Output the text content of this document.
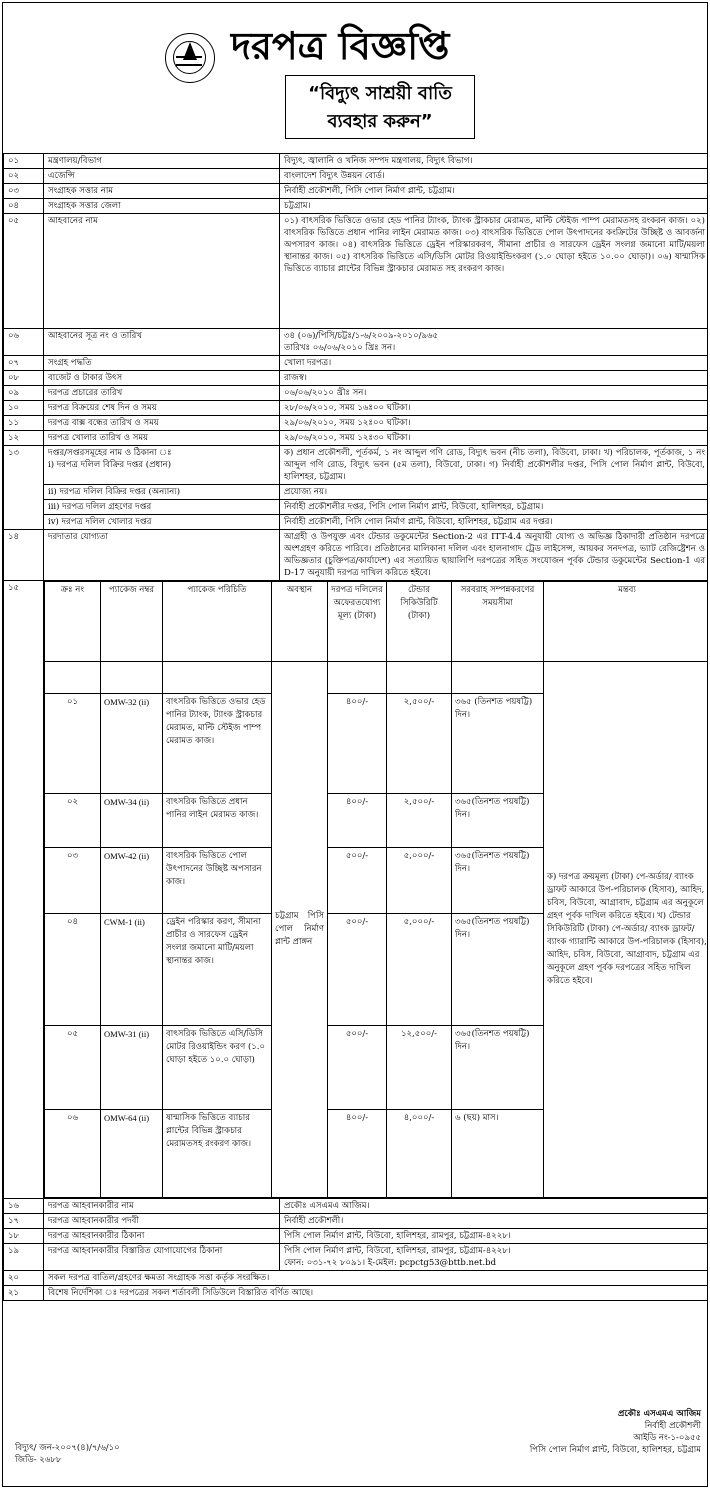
দরপত্র বিজ্ঞপ্তি
“বিদ্যুৎ সাশ্রয়ী বাতি
ব্যবহার করুন”
০১	মন্ত্রণালয়/বিভাগ	বিদ্যুৎ, জ্বালানি ও খনিজ সম্পদ মন্ত্রণালয়, বিদ্যুৎ বিভাগ।
০২	এজেন্সি	বাংলাদেশ বিদ্যুৎ উন্নয়ন বোর্ড।
০৩	সংগ্রাহক সত্তার নাম	নির্বাহী প্রকৌশলী, পিসি পোল নির্মাণ প্লান্ট, চট্টগ্রাম।
০৪	সংগ্রাহক সত্তার জেলা	চট্টগ্রাম।
০৫	আহবানের নাম	০১) বাৎসরিক ভিত্তিতে ওভার হেড পানির ট্যাংক, ট্যাংক স্ট্রাকচার মেরামত, মাল্টি স্টেইজ পাম্প মেরামতসহ রংকরন কাজ। ০২) বাৎসরিক ভিত্তিতে প্রধান পানির লাইন মেরামত কাজ। ০৩) বাৎসরিক ভিত্তিতে পোল উৎপাদনের কংক্রিটের উচ্ছিষ্ট ও আবর্জনা অপসারণ কাজ। ০৪) বাৎসরিক ভিত্তিতে ড্রেইন পরিস্কারকরণ, সীমানা প্রাচীর ও সারফেস ড্রেইন সংলগ্ন জমানো মাটি/ময়লা স্থানান্তর কাজ। ০৫) বাৎসরিক ভিত্তিতে এসি/ডিসি মোটর রিওয়াইন্ডিংকরণ (১.০ ঘোড়া হইতে ১০.০০ ঘোড়া)। ০৬) ষান্মাসিক ভিত্তিতে ব্যাচার প্লান্টের বিভিন্ন স্ট্রাকচার মেরামত সহ রংকরণ কাজ।
০৬	আহবানের সূত্র নং ও তারিখ	৩৪ (০৬)/পিসি/চট্টঃ/১-৬/২০০৯-২০১০/৯৬৫
তারিখঃ ০৬/০৬/২০১০ খ্রিঃ সন।

০৭	সংগ্রহ পদ্ধতি	খোলা দরপত্র।
০৮	বাজেট ও টাকার উৎস	রাজস্ব।
০৯	দরপত্র প্রচারের তারিখ	০৬/০৬/২০১০ খ্রীঃ সন।
১০	দরপত্র বিক্রয়ের শেষ দিন ও সময়	২৮/০৬/২০১০, সময় ১৬ঃ০০ ঘটিকা।
১১	দরপত্র বাক্স বন্ধের তারিখ ও সময়	২৯/০৬/২০১০, সময় ১২ঃ০০ ঘটিকা।
১২	দরপত্র খোলার তারিখ ও সময়	২৯/০৬/২০১০, সময় ১২ঃ৩০ ঘটিকা।
১৩	দপ্তর/সপ্তরসমূহের নাম ও ঠিকানা ঃ
i) দরপত্র দলিল বিক্রির দপ্তর (প্রধান)
	ক) প্রধান প্রকৌশলী, পূর্তকর্ম, ১ নং আব্দুল গণি রোড, বিদ্যুৎ ভবন (নীচ তলা), বিউবো, ঢাকা। খ) পরিচালক, পূর্তকাজ, ১ নং আব্দুল গণি রোড, বিদ্যুৎ ভবন (৫ম তলা), বিউবো, ঢাকা। গ) নির্বাহী প্রকৌশলীর দপ্তর, পিসি পোল নির্মাণ প্লান্ট, বিউবো, হালিশহর, চট্টগ্রাম।
ii) দরপত্র দলিল বিক্রির দপ্তর (অন্যান্য)	প্রযোজ্য নয়।
iii) দরপত্র দলিল গ্রহণের দপ্তর	নির্বাহী প্রকৌশলীর দপ্তর, পিসি পোল নির্মাণ প্লান্ট, বিউবো, হালিশহর, চট্টগ্রাম।
iv) দরপত্র দলিল খোলার দপ্তর	নির্বাহী প্রকৌশলী, পিসি পোল নির্মাণ প্লান্ট, বিউবো, হালিশহর, চট্টগ্রাম এর দপ্তর।
১৪	দরদাতার যোগ্যতা	আগ্রহী ও উপযুক্ত এবং টেন্ডার ডকুমেন্টের Section-2 এর ITT-4.4 অনুযায়ী যোগ্য ও অভিজ্ঞ ঠিকাদারী প্রতিষ্ঠান দরপত্রে অংশগ্রহণ করিতে পারিবে। প্রতিষ্ঠানের মালিকানা দলিল এবং হালনাগাদ ট্রেড লাইসেন্স, আয়কর সনদপত্র, ভ্যাট রেজিষ্ট্রেশন ও অভিজ্ঞতার (চুক্তিপত্র/কার্যাদেশ) এর সত্যায়িত ছায়ালিপি দরপত্রের সহিত সংযোজন পূর্বক টেন্ডার ডকুমেন্টের Section-1 এর D-17 অনুযায়ী দরপত্র দাখিল করিতে হইবে।
১৫		ক্রঃ নং	প্যাকেজ নম্বর	প্যাকেজ পরিচিতি	অবস্থান	দরপত্র দলিলের অফেরতযোগ্য মূল্য (টাকা)	টেন্ডার সিকিউরিটি (টাকা)	সরবরাহ সম্পন্নকরণের সময়সীমা	মন্তব্য
			চট্টগ্রাম পিসি পোল নির্মাণ প্লান্ট প্রাঙ্গন				ক) দরপত্র ক্রয়মূল্য (টাকা) পে-অর্ডার/ ব্যাংক ড্রাফট আকারে উপ-পরিচালক (হিসাব), আহিদ, চবিস, বিউবো, আগ্রাবাদ, চট্টগ্রাম এর অনুকূলে গ্রহণ পূর্বক দাখিল করিতে হইবে। খ) টেন্ডার সিকিউরিটি (টাকা) পে-অর্ডার/ ব্যাংক ড্রাফট/ব্যাংক গ্যারান্টি আকারে উপ-পরিচালক (হিসাব), আহিদ, চবিস, বিউবো, আগ্রাবাদ, চট্টগ্রাম এর অনুকূলে গ্রহণ পূর্বক দরপত্রের সহিত দাখিল করিতে হইবে।
০১	OMW-32 (ii)	বাৎসরিক ভিত্তিতে ওভার হেড পানির ট্যাংক, ট্যাংক স্ট্রাকচার মেরামত, মাল্টি স্টেইজ পাম্প মেরামত কাজ।	৪০০/-	২,৫০০/-	৩৬৫ (তিনশত পয়ষট্টি) দিন।
০২	OMW-34 (ii)	বাৎসরিক ভিত্তিতে প্রধান পানির লাইন মেরামত কাজ।	৪০০/-	২,৫০০/-	৩৬৫(তিনশত পয়ষট্টি) দিন।
০৩	OMW-42 (ii)	বাৎসরিক ভিত্তিতে পোল উৎপাদনের উচ্ছিষ্ট অপসারন কাজ।	৫০০/-	৫,০০০/-	৩৬৫(তিনশত পয়ষট্টি) দিন।
০৪	CWM-1 (ii)	ড্রেইন পরিস্কার করণ, সীমানা প্রাচীর ও সারফেস ড্রেইন সংলগ্ন জমানো মাটি/ময়লা স্থানান্তর কাজ।	৫০০/-	৫,০০০/-	৩৬৫(তিনশত পয়ষট্টি) দিন।
০৫	OMW-31 (ii)	বাৎসরিক ভিত্তিতে এসি/ডিসি মোটর রিওয়াইন্ডিং করণ (১.০ ঘোড়া হইতে ১০.০ ঘোড়া)	৫০০/-	১২,৫০০/-	৩৬৫(তিনশত পয়ষট্টি) দিন।
০৬	OMW-64 (ii)	ষান্মাসিক ভিত্তিতে ব্যাচার প্লান্টের বিভিন্ন স্ট্রাকচার মেরামতসহ রংকরণ কাজ।	৪০০/-	৪,০০০/-	৬ (ছয়) মাস।

১৬	দরপত্র আহবানকারীর নাম	প্রকৌঃ এসএমএ আজিম।
১৭	দরপত্র আহবানকারীর পদবী	নির্বাহী প্রকৌশলী।
১৮	দরপত্র আহবানকারীর ঠিকানা	পিসি পোল নির্মাণ প্লান্ট, বিউবো, হালিশহর, রামপুর, চট্টগ্রাম-৪২২৮।
১৯	দরপত্র আহবানকারীর বিস্তারিত যোগাযোগের ঠিকানা	পিসি পোল নির্মাণ প্লান্ট, বিউবো, হালিশহর, রামপুর, চট্টগ্রাম-৪২২৮।
ফোন: ০৩১-৭২ ৮০৯১। ই-মেইল: pcpctg53@bttb.net.bd

২০	সকল দরপত্র বাতিল/গ্রহণের ক্ষমতা সংগ্রাহক সত্তা কর্তৃক সংরক্ষিত।
২১	বিশেষ নির্দেশিকা ঃ দরপত্রের সকল শর্তাবলী সিডিউলে বিস্তারিত বর্ণিত আছে।
প্রকৌঃ এসএমএ আজিম
নির্বাহী প্রকৌশলী
আইডি নং-১-০৯৫৫
পিসি পোল নির্মাণ প্লান্ট, বিউবো, হালিশহর, চট্টগ্রাম
বিদ্যুৎ/ জন-২০০৭(৪)/৭/৬/১০
জিডি- ২৬৮৮
